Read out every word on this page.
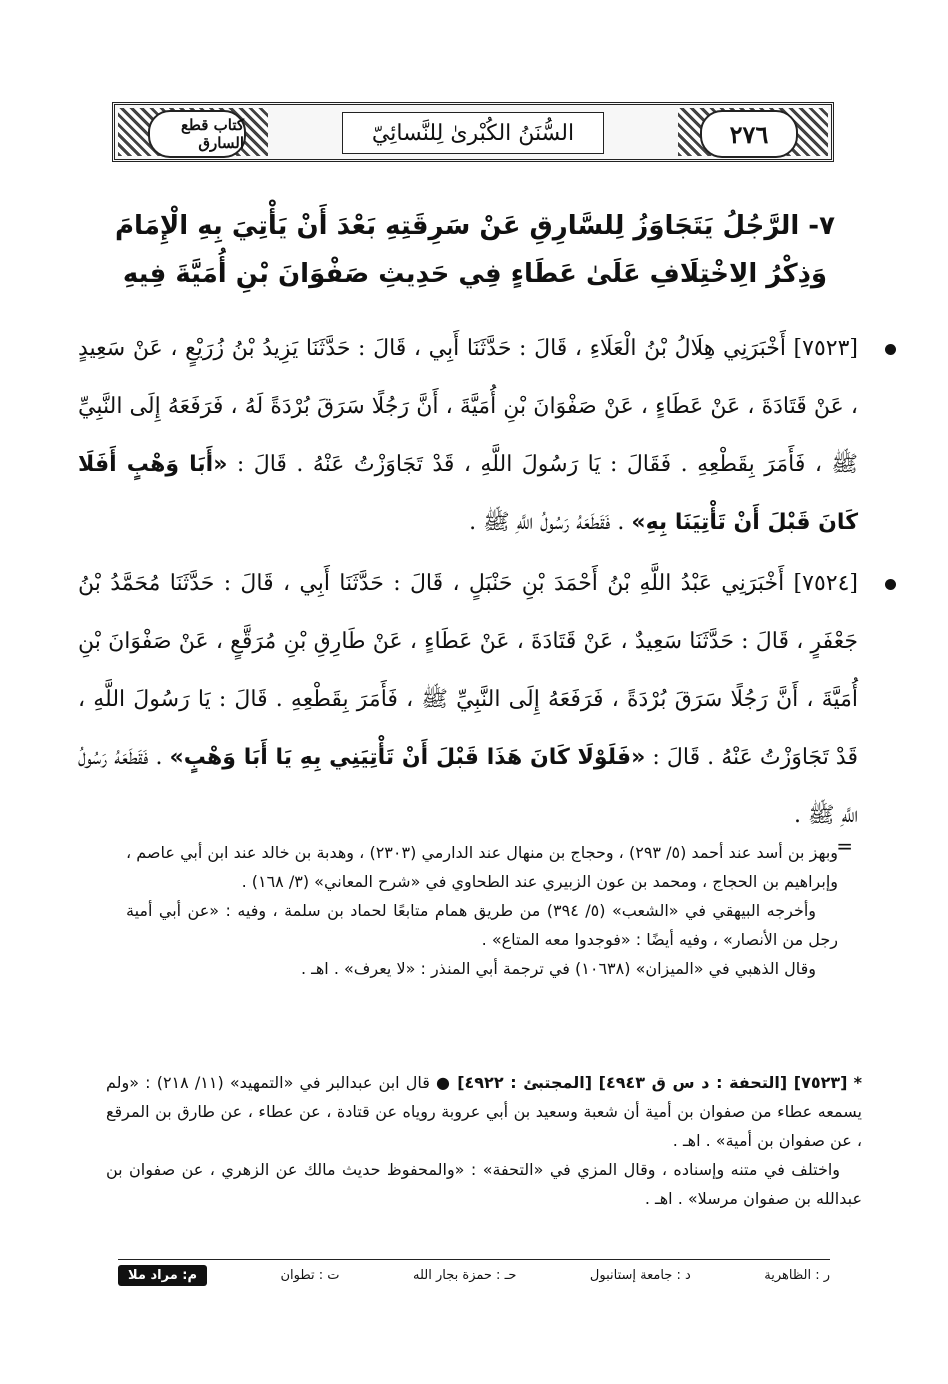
٢٧٦
السُّنَنُ الكُبْرىٰ لِلنَّسائِيّ
كتاب قطع السارق
٧- الرَّجُلُ يَتَجَاوَزُ لِلسَّارِقِ عَنْ سَرِقَتِهِ بَعْدَ أَنْ يَأْتِيَ بِهِ الْإِمَامَ
وَذِكْرُ الِاخْتِلَافِ عَلَىٰ عَطَاءٍ فِي حَدِيثِ صَفْوَانَ بْنِ أُمَيَّةَ فِيهِ
[٧٥٢٣] أَخْبَرَنِي هِلَالُ بْنُ الْعَلَاءِ ، قَالَ : حَدَّثَنَا أَبِي ، قَالَ : حَدَّثَنَا يَزِيدُ بْنُ زُرَيْعٍ ، عَنْ سَعِيدٍ ، عَنْ قَتَادَةَ ، عَنْ عَطَاءٍ ، عَنْ صَفْوَانَ بْنِ أُمَيَّةَ ، أَنَّ رَجُلًا سَرَقَ بُرْدَةً لَهُ ، فَرَفَعَهُ إِلَى النَّبِيِّ ﷺ ، فَأَمَرَ بِقَطْعِهِ . فَقَالَ : يَا رَسُولَ اللَّهِ ، قَدْ تَجَاوَزْتُ عَنْهُ . قَالَ : «أَبَا وَهْبٍ أَفَلَا كَانَ قَبْلَ أَنْ تَأْتِيَنَا بِهِ» . فَقَطَعَهُ رَسُولُ اللَّهِ ﷺ .
[٧٥٢٤] أَخْبَرَنِي عَبْدُ اللَّهِ بْنُ أَحْمَدَ بْنِ حَنْبَلٍ ، قَالَ : حَدَّثَنَا أَبِي ، قَالَ : حَدَّثَنَا مُحَمَّدُ بْنُ جَعْفَرٍ ، قَالَ : حَدَّثَنَا سَعِيدٌ ، عَنْ قَتَادَةَ ، عَنْ عَطَاءٍ ، عَنْ طَارِقِ بْنِ مُرَقَّعٍ ، عَنْ صَفْوَانَ بْنِ أُمَيَّةَ ، أَنَّ رَجُلًا سَرَقَ بُرْدَةً ، فَرَفَعَهُ إِلَى النَّبِيِّ ﷺ ، فَأَمَرَ بِقَطْعِهِ . قَالَ : يَا رَسُولَ اللَّهِ ، قَدْ تَجَاوَزْتُ عَنْهُ . قَالَ : «فَلَوْلَا كَانَ هَذَا قَبْلَ أَنْ تَأْتِيَنِي بِهِ يَا أَبَا وَهْبٍ» . فَقَطَعَهُ رَسُولُ اللَّهِ ﷺ .
=

وبهز بن أسد عند أحمد (٥/ ٢٩٣) ، وحجاج بن منهال عند الدارمي (٢٣٠٣) ، وهدبة بن خالد عند ابن أبي عاصم ، وإبراهيم بن الحجاج ، ومحمد بن عون الزبيري عند الطحاوي في «شرح المعاني» (٣/ ١٦٨) .

وأخرجه البيهقي في «الشعب» (٥/ ٣٩٤) من طريق همام متابعًا لحماد بن سلمة ، وفيه : «عن أبي أمية رجل من الأنصار» ، وفيه أيضًا : «فوجدوا معه المتاع» .

وقال الذهبي في «الميزان» (١٠٦٣٨) في ترجمة أبي المنذر : «لا يعرف» . اهـ .

* [٧٥٢٣] [التحفة : د س ق ٤٩٤٣] [المجتبئ : ٤٩٢٢] ● قال ابن عبدالبر في «التمهيد» (١١/ ٢١٨) : «ولم يسمعه عطاء من صفوان بن أمية أن شعبة وسعيد بن أبي عروبة روياه عن قتادة ، عن عطاء ، عن طارق بن المرقع ، عن صفوان بن أمية» . اهـ .

واختلف في متنه وإسناده ، وقال المزي في «التحفة» : «والمحفوظ حديث مالك عن الزهري ، عن صفوان بن عبدالله بن صفوان مرسلا» . اهـ .

م: مراد ملا	ت : تطوان	حـ : حمزة بجار الله	د : جامعة إستانبول	ر : الظاهرية
